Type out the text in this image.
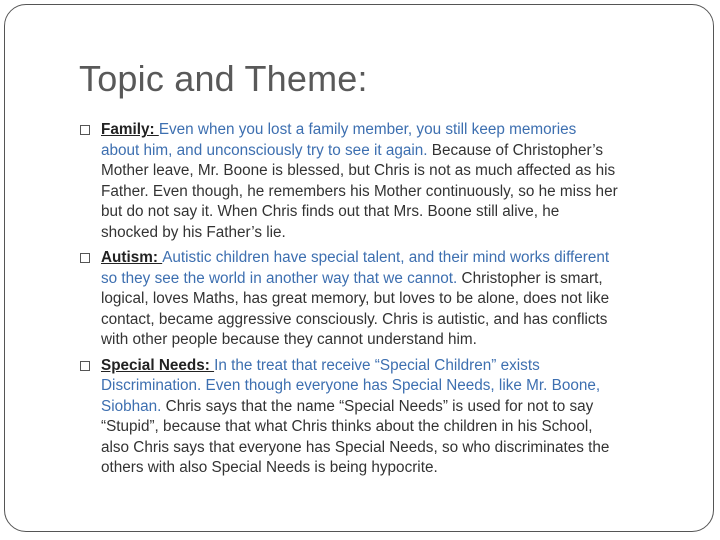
Topic and Theme:
Family: Even when you lost a family member, you still keep memories
about him, and unconsciously try to see it again. Because of Christopher’s
Mother leave, Mr. Boone is blessed, but Chris is not as much affected as his
Father. Even though, he remembers his Mother continuously, so he miss her
but do not say it. When Chris finds out that Mrs. Boone still alive, he
shocked by his Father’s lie.
Autism: Autistic children have special talent, and their mind works different
so they see the world in another way that we cannot. Christopher is smart,
logical, loves Maths, has great memory, but loves to be alone, does not like
contact, became aggressive consciously. Chris is autistic, and has conflicts
with other people because they cannot understand him.
Special Needs: In the treat that receive “Special Children” exists
Discrimination. Even though everyone has Special Needs, like Mr. Boone,
Siobhan. Chris says that the name “Special Needs” is used for not to say
“Stupid”, because that what Chris thinks about the children in his School,
also Chris says that everyone has Special Needs, so who discriminates the
others with also Special Needs is being hypocrite.
